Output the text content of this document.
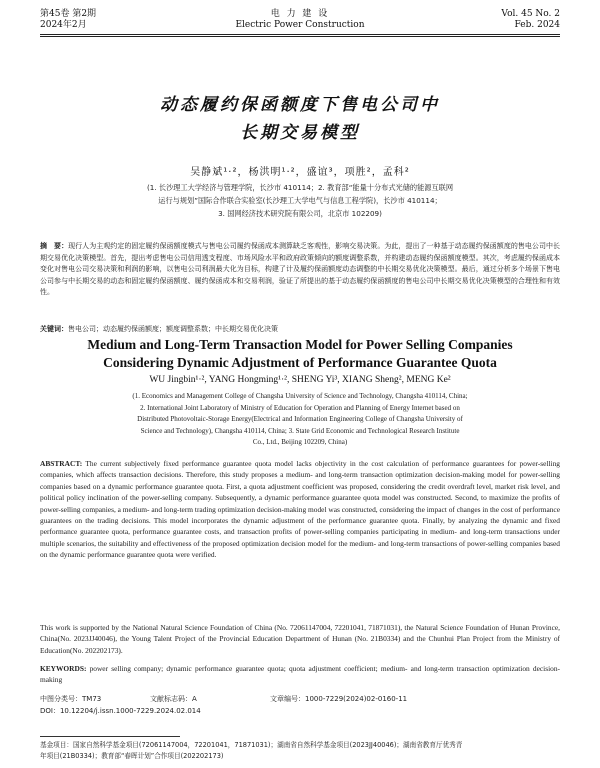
第45卷 第2期
2024年2月
电 力 建 设
Electric Power Construction
Vol. 45 No. 2
Feb. 2024
动态履约保函额度下售电公司中
长期交易模型
吴静斌¹·²，杨洪明¹·²，盛谊³，项胜²，孟科²
(1. 长沙理工大学经济与管理学院，长沙市 410114；2. 教育部“能量十分布式光储的能源互联网
运行与规划”国际合作联合实验室(长沙理工大学电气与信息工程学院)，长沙市 410114；
3. 国网经济技术研究院有限公司，北京市 102209)
摘　要：现行人为主观约定的固定履约保函额度模式与售电公司履约保函成本测算缺乏客观性，影响交易决策。为此，提出了一种基于动态履约保函额度的售电公司中长期交易优化决策模型。首先，提出考虑售电公司信用透支程度、市场风险水平和政府政策倾向的额度调整系数，并构建动态履约保函额度模型。其次，考虑履约保函成本变化对售电公司交易决策和利润的影响，以售电公司利润最大化为目标，构建了计及履约保函额度动态调整的中长期交易优化决策模型。最后，通过分析多个场景下售电公司参与中长期交易的动态和固定履约保函额度、履约保函成本和交易利润，验证了所提出的基于动态履约保函额度的售电公司中长期交易优化决策模型的合理性和有效性。
关键词：售电公司；动态履约保函额度；额度调整系数；中长期交易优化决策
Medium and Long-Term Transaction Model for Power Selling Companies
Considering Dynamic Adjustment of Performance Guarantee Quota
WU Jingbin¹·², YANG Hongming¹·², SHENG Yi³, XIANG Sheng², MENG Ke²
(1. Economics and Management College of Changsha University of Science and Technology, Changsha 410114, China;
2. International Joint Laboratory of Ministry of Education for Operation and Planning of Energy Internet based on
Distributed Photovoltaic-Storage Energy(Electrical and Information Engineering College of Changsha University of
Science and Technology), Changsha 410114, China; 3. State Grid Economic and Technological Research Institute
Co., Ltd., Beijing 102209, China)
ABSTRACT: The current subjectively fixed performance guarantee quota model lacks objectivity in the cost calculation of performance guarantees for power-selling companies, which affects transaction decisions. Therefore, this study proposes a medium- and long-term transaction optimization decision-making model for power-selling companies based on a dynamic performance guarantee quota. First, a quota adjustment coefficient was proposed, considering the credit overdraft level, market risk level, and political policy inclination of the power-selling company. Subsequently, a dynamic performance guarantee quota model was constructed. Second, to maximize the profits of power-selling companies, a medium- and long-term trading optimization decision-making model was constructed, considering the impact of changes in the cost of performance guarantees on the trading decisions. This model incorporates the dynamic adjustment of the performance guarantee quota. Finally, by analyzing the dynamic and fixed performance guarantee quota, performance guarantee costs, and transaction profits of power-selling companies participating in medium- and long-term transactions under multiple scenarios, the suitability and effectiveness of the proposed optimization decision model for the medium- and long-term transactions of power-selling companies based on the dynamic performance guarantee quota were verified.
This work is supported by the National Natural Science Foundation of China (No. 72061147004, 72201041, 71871031), the Natural Science Foundation of Hunan Province, China(No. 2023JJ40046), the Young Talent Project of the Provincial Education Department of Hunan (No. 21B0334) and the Chunhui Plan Project from the Ministry of Education(No. 202202173).
KEYWORDS: power selling company; dynamic performance guarantee quota; quota adjustment coefficient; medium- and long-term transaction optimization decision-making
中图分类号：TM73	文献标志码：A	文章编号：1000-7229(2024)02-0160-11
DOI：10.12204/j.issn.1000-7229.2024.02.014
基金项目：国家自然科学基金项目(72061147004，72201041，71871031)；湖南省自然科学基金项目(2023JJ40046)；湖南省教育厅优秀青
年项目(21B0334)；教育部“春晖计划”合作项目(202202173)
